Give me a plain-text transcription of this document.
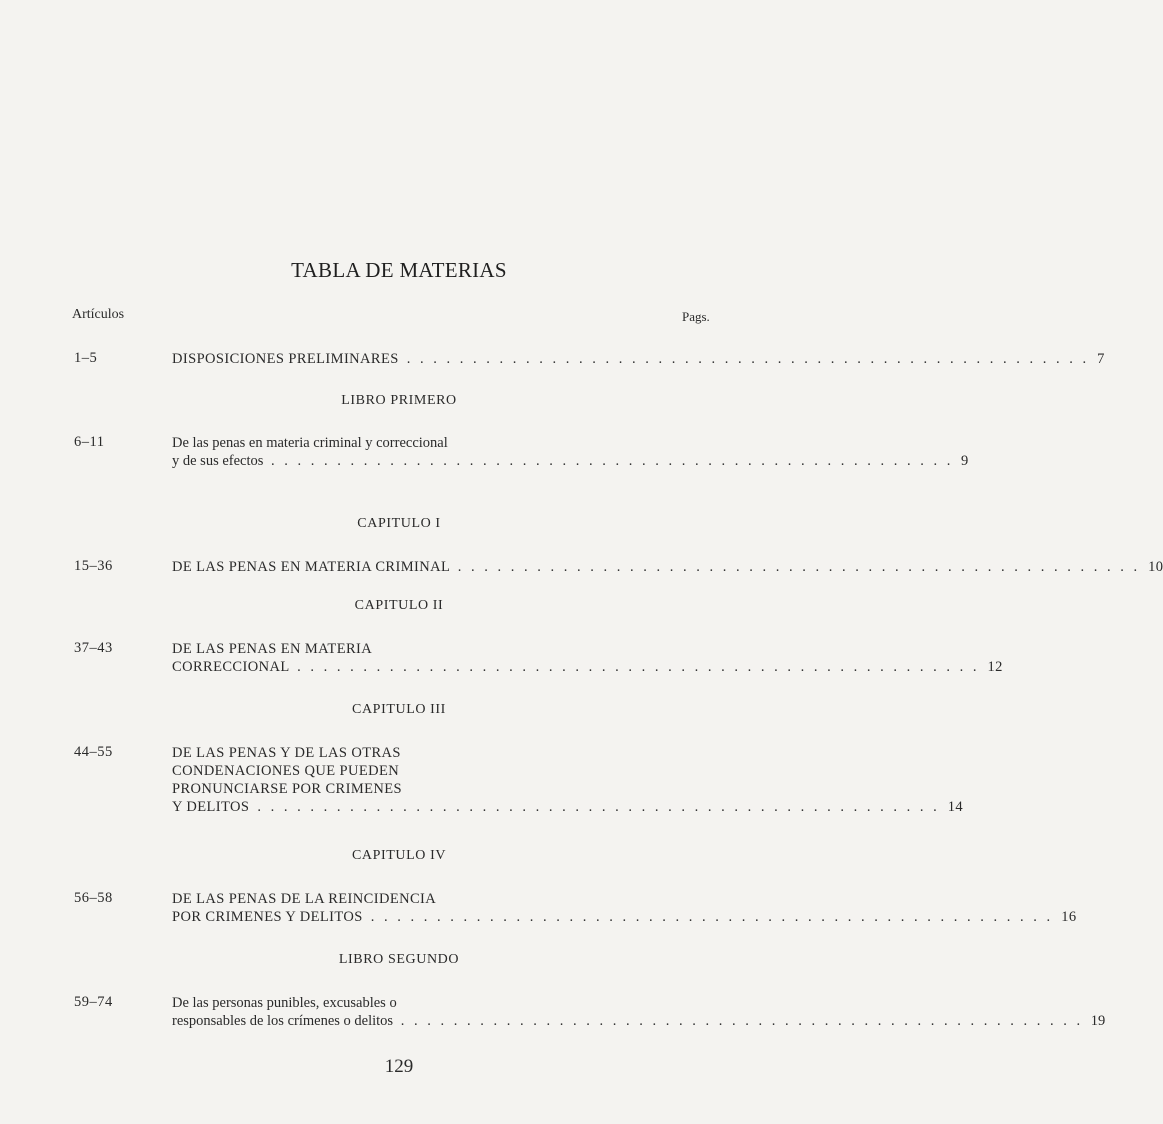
TABLA DE MATERIAS
Artículos	Pags.
1–5	DISPOSICIONES PRELIMINARES . . . . . . . . . . . . . . . . . . . . . . . . . . . . . . . . . . . . . . . . . . . . . . . . . . . . 7
LIBRO PRIMERO
6–11	De las penas en materia criminal y correccional
y de sus efectos . . . . . . . . . . . . . . . . . . . . . . . . . . . . . . . . . . . . . . . . . . . . . . . . . . . . 9
CAPITULO I
15–36	DE LAS PENAS EN MATERIA CRIMINAL . . . . . . . . . . . . . . . . . . . . . . . . . . . . . . . . . . . . . . . . . . . . . . . . . . . . 10
CAPITULO II
37–43	DE LAS PENAS EN MATERIA
CORRECCIONAL . . . . . . . . . . . . . . . . . . . . . . . . . . . . . . . . . . . . . . . . . . . . . . . . . . . . 12
CAPITULO III
44–55	DE LAS PENAS Y DE LAS OTRAS
CONDENACIONES QUE PUEDEN
PRONUNCIARSE POR CRIMENES
Y DELITOS . . . . . . . . . . . . . . . . . . . . . . . . . . . . . . . . . . . . . . . . . . . . . . . . . . . . 14
CAPITULO IV
56–58	DE LAS PENAS DE LA REINCIDENCIA
POR CRIMENES Y DELITOS . . . . . . . . . . . . . . . . . . . . . . . . . . . . . . . . . . . . . . . . . . . . . . . . . . . . 16
LIBRO SEGUNDO
59–74	De las personas punibles, excusables o
responsables de los crímenes o delitos . . . . . . . . . . . . . . . . . . . . . . . . . . . . . . . . . . . . . . . . . . . . . . . . . . . . 19
129
